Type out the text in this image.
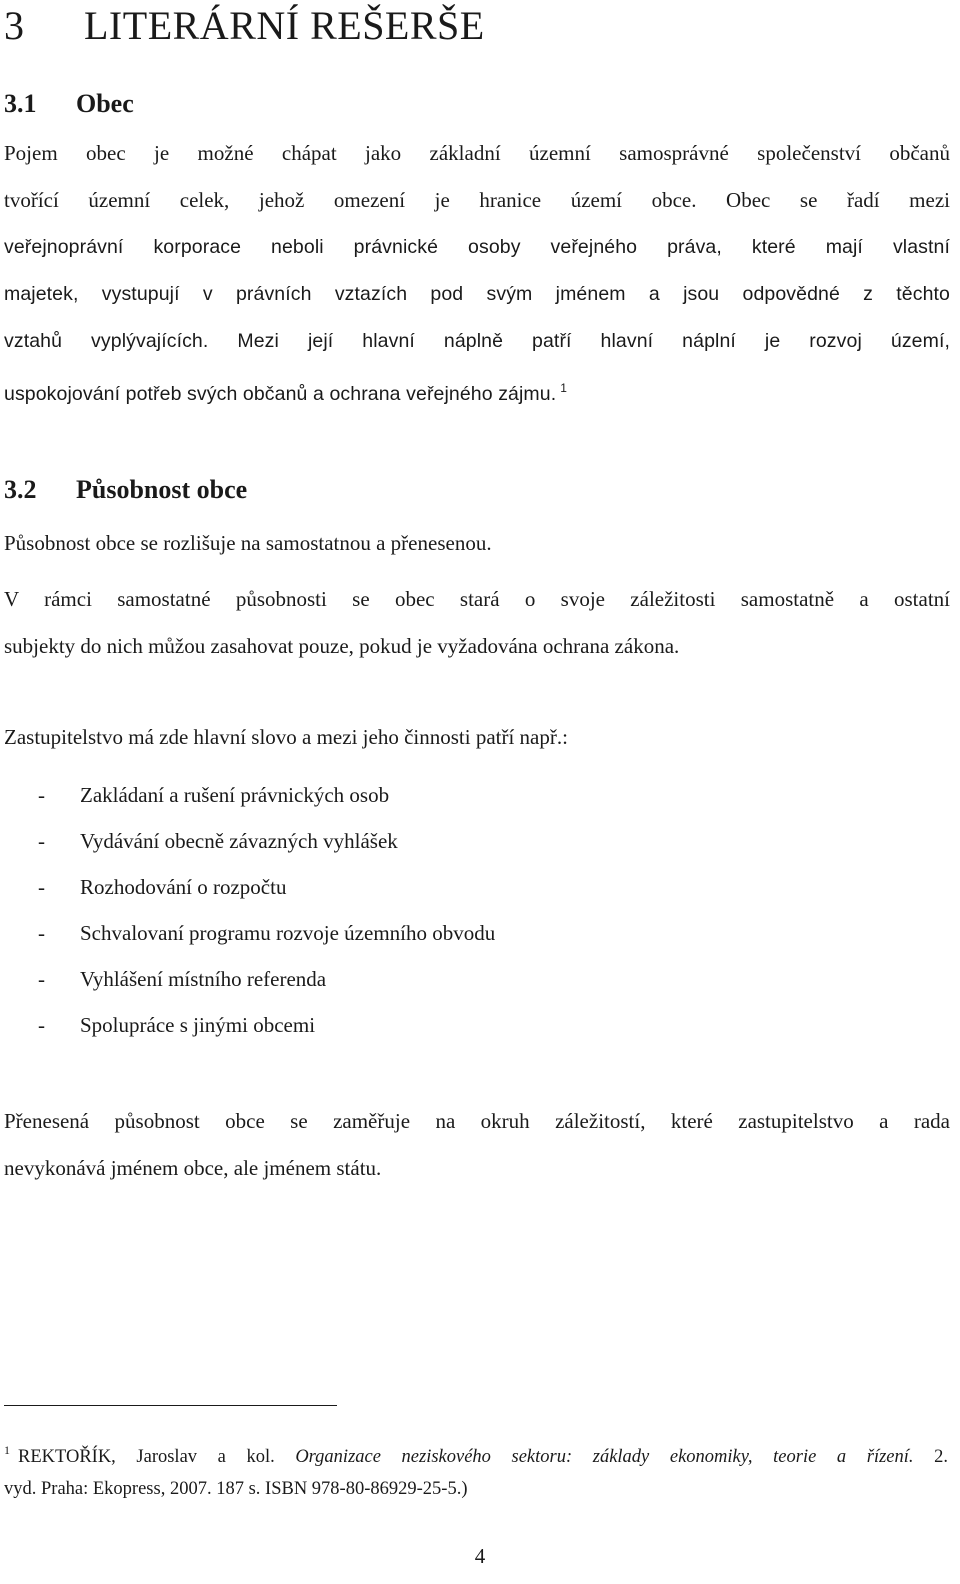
3 LITERÁRNÍ REŠERŠE
3.1 Obec
Pojem obec je možné chápat jako základní územní samosprávné společenství občanů
tvořící územní celek, jehož omezení je hranice území obce. Obec se řadí mezi
veřejnoprávní korporace neboli právnické osoby veřejného práva, které mají vlastní
majetek, vystupují v právních vztazích pod svým jménem a jsou odpovědné z těchto
vztahů vyplývajících. Mezi její hlavní náplně patří hlavní náplní je rozvoj území,
uspokojování potřeb svých občanů a ochrana veřejného zájmu. $^1$
3.2 Působnost obce

Působnost obce se rozlišuje na samostatnou a přenesenou.

V rámci samostatné působnosti se obec stará o svoje záležitosti samostatně a ostatní
subjekty do nich můžou zasahovat pouze, pokud je vyžadována ochrana zákona.

Zastupitelstvo má zde hlavní slovo a mezi jeho činnosti patří např.:

-	Zakládaní a rušení právnických osob
-	Vydávání obecně závazných vyhlášek
-	Rozhodování o rozpočtu
-	Schvalovaní programu rozvoje územního obvodu
-	Vyhlášení místního referenda
-	Spolupráce s jinými obcemi
Přenesená působnost obce se zaměřuje na okruh záležitostí, které zastupitelstvo a rada
nevykonává jménem obce, ale jménem státu.
$^1$ REKTOŘÍK, Jaroslav a kol. Organizace neziskového sektoru: základy ekonomiky, teorie a řízení. 2.
vyd. Praha: Ekopress, 2007. 187 s. ISBN 978-80-86929-25-5.)
4
